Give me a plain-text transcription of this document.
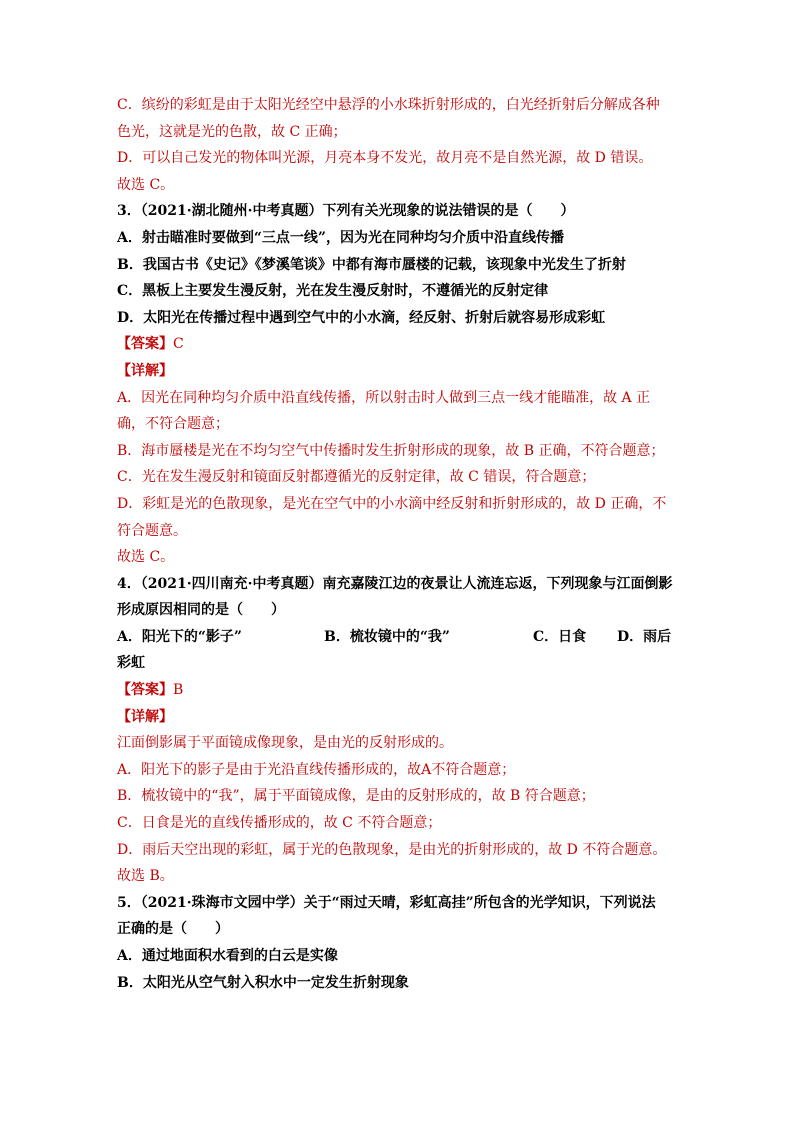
C．缤纷的彩虹是由于太阳光经空中悬浮的小水珠折射形成的，白光经折射后分解成各种

色光，这就是光的色散，故 C 正确；

D．可以自己发光的物体叫光源，月亮本身不发光，故月亮不是自然光源，故 D 错误。

故选 C。

3．（2021·湖北随州·中考真题）下列有关光现象的说法错误的是（　　）

A．射击瞄准时要做到“三点一线”，因为光在同种均匀介质中沿直线传播

B．我国古书《史记》《梦溪笔谈》中都有海市蜃楼的记载，该现象中光发生了折射

C．黑板上主要发生漫反射，光在发生漫反射时，不遵循光的反射定律

D．太阳光在传播过程中遇到空气中的小水滴，经反射、折射后就容易形成彩虹

【答案】C

【详解】

A．因光在同种均匀介质中沿直线传播，所以射击时人做到三点一线才能瞄准，故 A 正

确，不符合题意；

B．海市蜃楼是光在不均匀空气中传播时发生折射形成的现象，故 B 正确，不符合题意；

C．光在发生漫反射和镜面反射都遵循光的反射定律，故 C 错误，符合题意；

D．彩虹是光的色散现象，是光在空气中的小水滴中经反射和折射形成的，故 D 正确，不

符合题意。

故选 C。

4．（2021·四川南充·中考真题）南充嘉陵江边的夜景让人流连忘返，下列现象与江面倒影

形成原因相同的是（　　）

A．阳光下的“影子”	B．梳妆镜中的“我”	C．日食	D．雨后

彩虹

【答案】B

【详解】

江面倒影属于平面镜成像现象，是由光的反射形成的。

A．阳光下的影子是由于光沿直线传播形成的，故A不符合题意；

B．梳妆镜中的“我”，属于平面镜成像，是由的反射形成的，故 B 符合题意；

C．日食是光的直线传播形成的，故 C 不符合题意；

D．雨后天空出现的彩虹，属于光的色散现象，是由光的折射形成的，故 D 不符合题意。

故选 B。

5．（2021·珠海市文园中学）关于“雨过天晴，彩虹高挂”所包含的光学知识，下列说法

正确的是（　　）

A．通过地面积水看到的白云是实像

B．太阳光从空气射入积水中一定发生折射现象
